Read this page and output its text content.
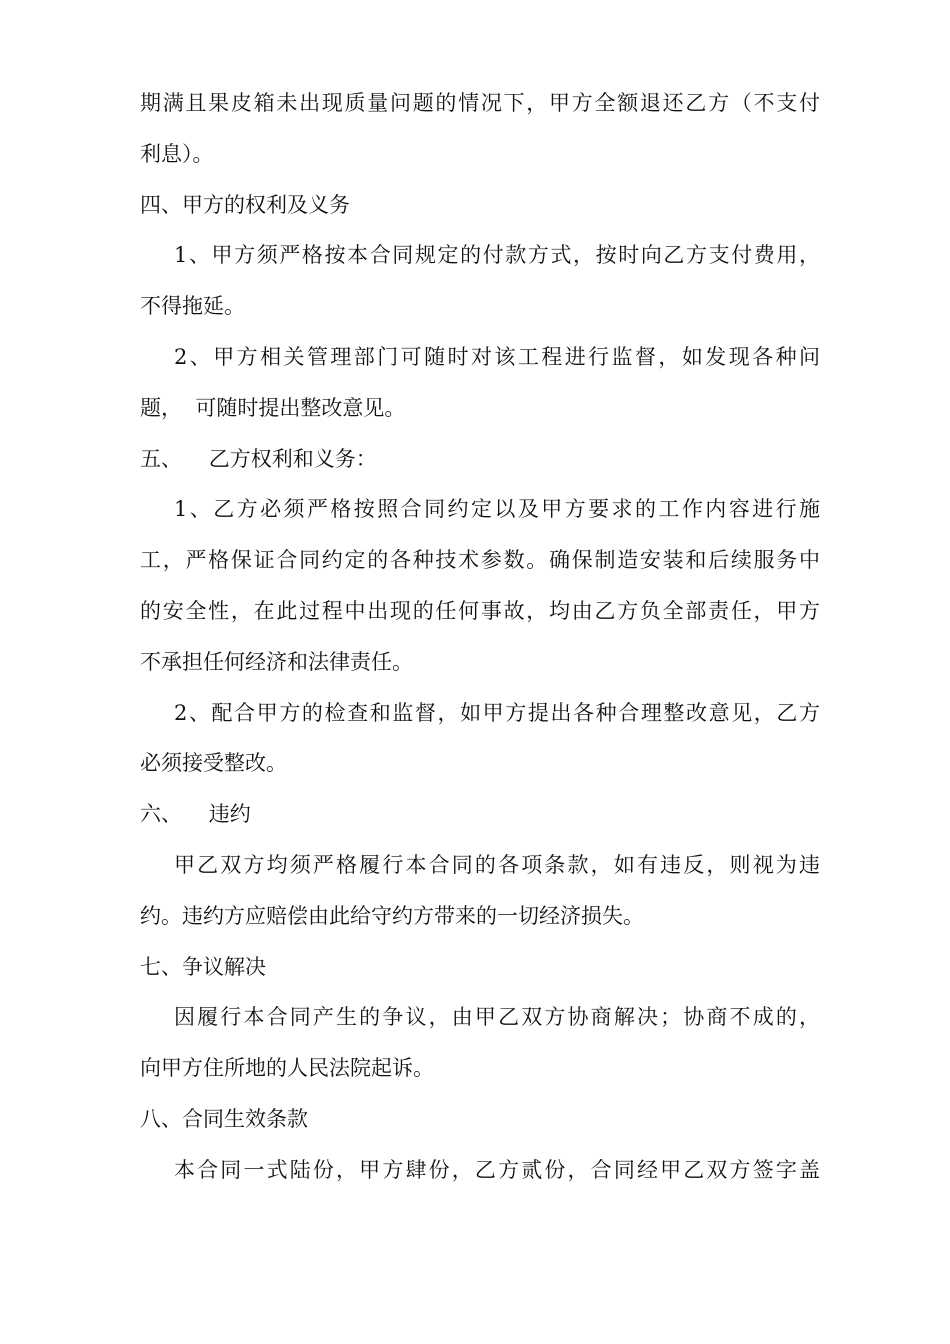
期满且果皮箱未出现质量问题的情况下，甲方全额退还乙方（不支付
利息）。
四、甲方的权利及义务
1、甲方须严格按本合同规定的付款方式，按时向乙方支付费用，
不得拖延。
2、甲方相关管理部门可随时对该工程进行监督，如发现各种问
题，  可随时提出整改意见。
五、    乙方权利和义务：
1、乙方必须严格按照合同约定以及甲方要求的工作内容进行施
工，严格保证合同约定的各种技术参数。确保制造安装和后续服务中
的安全性，在此过程中出现的任何事故，均由乙方负全部责任，甲方
不承担任何经济和法律责任。
2、配合甲方的检查和监督，如甲方提出各种合理整改意见，乙方
必须接受整改。
六、    违约
甲乙双方均须严格履行本合同的各项条款，如有违反，则视为违
约。违约方应赔偿由此给守约方带来的一切经济损失。
七、争议解决
因履行本合同产生的争议，由甲乙双方协商解决；协商不成的，
向甲方住所地的人民法院起诉。
八、合同生效条款
本合同一式陆份，甲方肆份，乙方贰份，合同经甲乙双方签字盖
